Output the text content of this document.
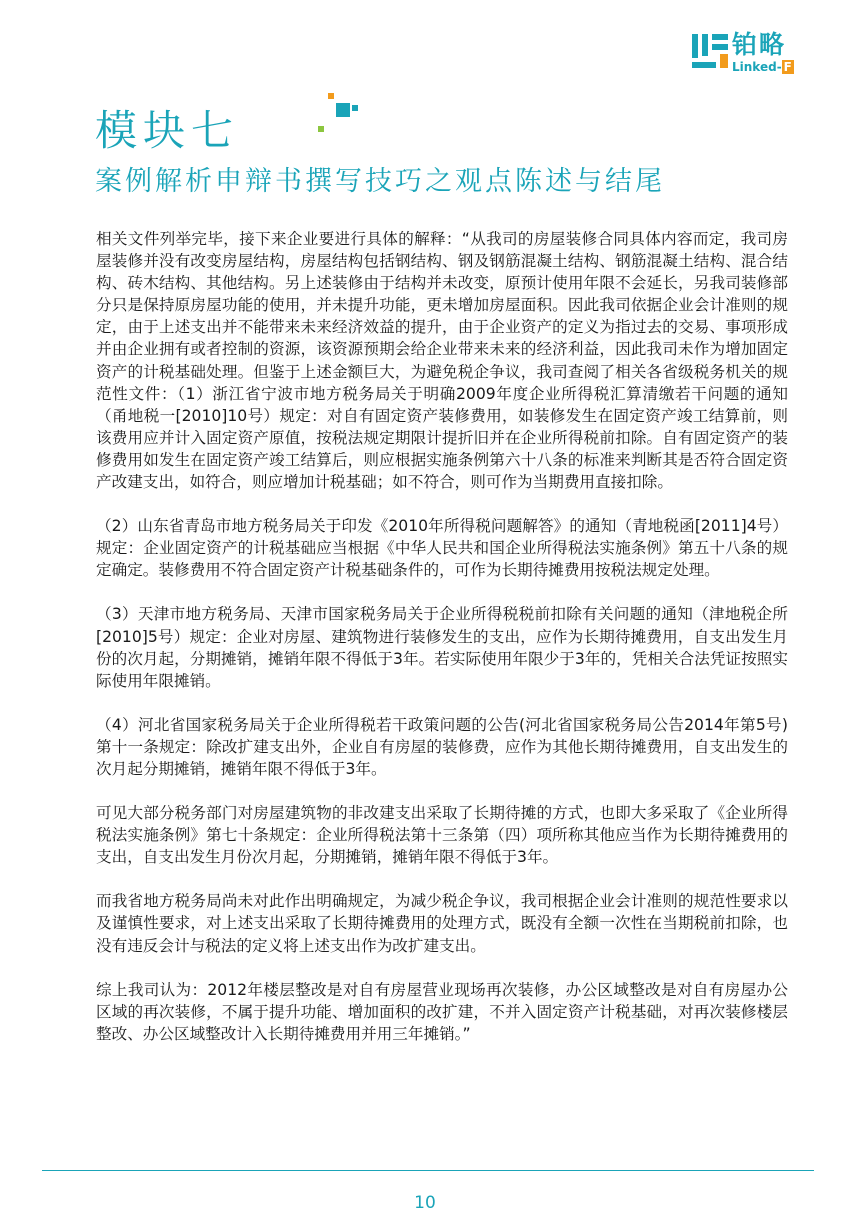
铂略
Linked- F
模块七
案例解析申辩书撰写技巧之观点陈述与结尾

相关文件列举完毕，接下来企业要进行具体的解释：“从我司的房屋装修合同具体内容而定，我司房屋装修并没有改变房屋结构，房屋结构包括钢结构、钢及钢筋混凝土结构、钢筋混凝土结构、混合结构、砖木结构、其他结构。另上述装修由于结构并未改变，原预计使用年限不会延长，另我司装修部分只是保持原房屋功能的使用，并未提升功能，更未增加房屋面积。因此我司依据企业会计准则的规定，由于上述支出并不能带来未来经济效益的提升，由于企业资产的定义为指过去的交易、事项形成并由企业拥有或者控制的资源，该资源预期会给企业带来未来的经济利益，因此我司未作为增加固定资产的计税基础处理。但鉴于上述金额巨大，为避免税企争议，我司查阅了相关各省级税务机关的规范性文件：（1）浙江省宁波市地方税务局关于明确2009年度企业所得税汇算清缴若干问题的通知（甬地税一[2010]10号）规定：对自有固定资产装修费用，如装修发生在固定资产竣工结算前，则该费用应并计入固定资产原值，按税法规定期限计提折旧并在企业所得税前扣除。自有固定资产的装修费用如发生在固定资产竣工结算后，则应根据实施条例第六十八条的标准来判断其是否符合固定资产改建支出，如符合，则应增加计税基础；如不符合，则可作为当期费用直接扣除。

（2）山东省青岛市地方税务局关于印发《2010年所得税问题解答》的通知（青地税函[2011]4号）规定：企业固定资产的计税基础应当根据《中华人民共和国企业所得税法实施条例》第五十八条的规定确定。装修费用不符合固定资产计税基础条件的，可作为长期待摊费用按税法规定处理。

（3）天津市地方税务局、天津市国家税务局关于企业所得税税前扣除有关问题的通知（津地税企所[2010]5号）规定：企业对房屋、建筑物进行装修发生的支出，应作为长期待摊费用，自支出发生月份的次月起，分期摊销，摊销年限不得低于3年。若实际使用年限少于3年的，凭相关合法凭证按照实际使用年限摊销。

（4）河北省国家税务局关于企业所得税若干政策问题的公告(河北省国家税务局公告2014年第5号)第十一条规定：除改扩建支出外，企业自有房屋的装修费，应作为其他长期待摊费用，自支出发生的次月起分期摊销，摊销年限不得低于3年。

可见大部分税务部门对房屋建筑物的非改建支出采取了长期待摊的方式，也即大多采取了《企业所得税法实施条例》第七十条规定：企业所得税法第十三条第（四）项所称其他应当作为长期待摊费用的支出，自支出发生月份次月起，分期摊销，摊销年限不得低于3年。

而我省地方税务局尚未对此作出明确规定，为减少税企争议，我司根据企业会计准则的规范性要求以及谨慎性要求，对上述支出采取了长期待摊费用的处理方式，既没有全额一次性在当期税前扣除，也没有违反会计与税法的定义将上述支出作为改扩建支出。

综上我司认为：2012年楼层整改是对自有房屋营业现场再次装修，办公区域整改是对自有房屋办公区域的再次装修，不属于提升功能、增加面积的改扩建，不并入固定资产计税基础，对再次装修楼层整改、办公区域整改计入长期待摊费用并用三年摊销。”

10
